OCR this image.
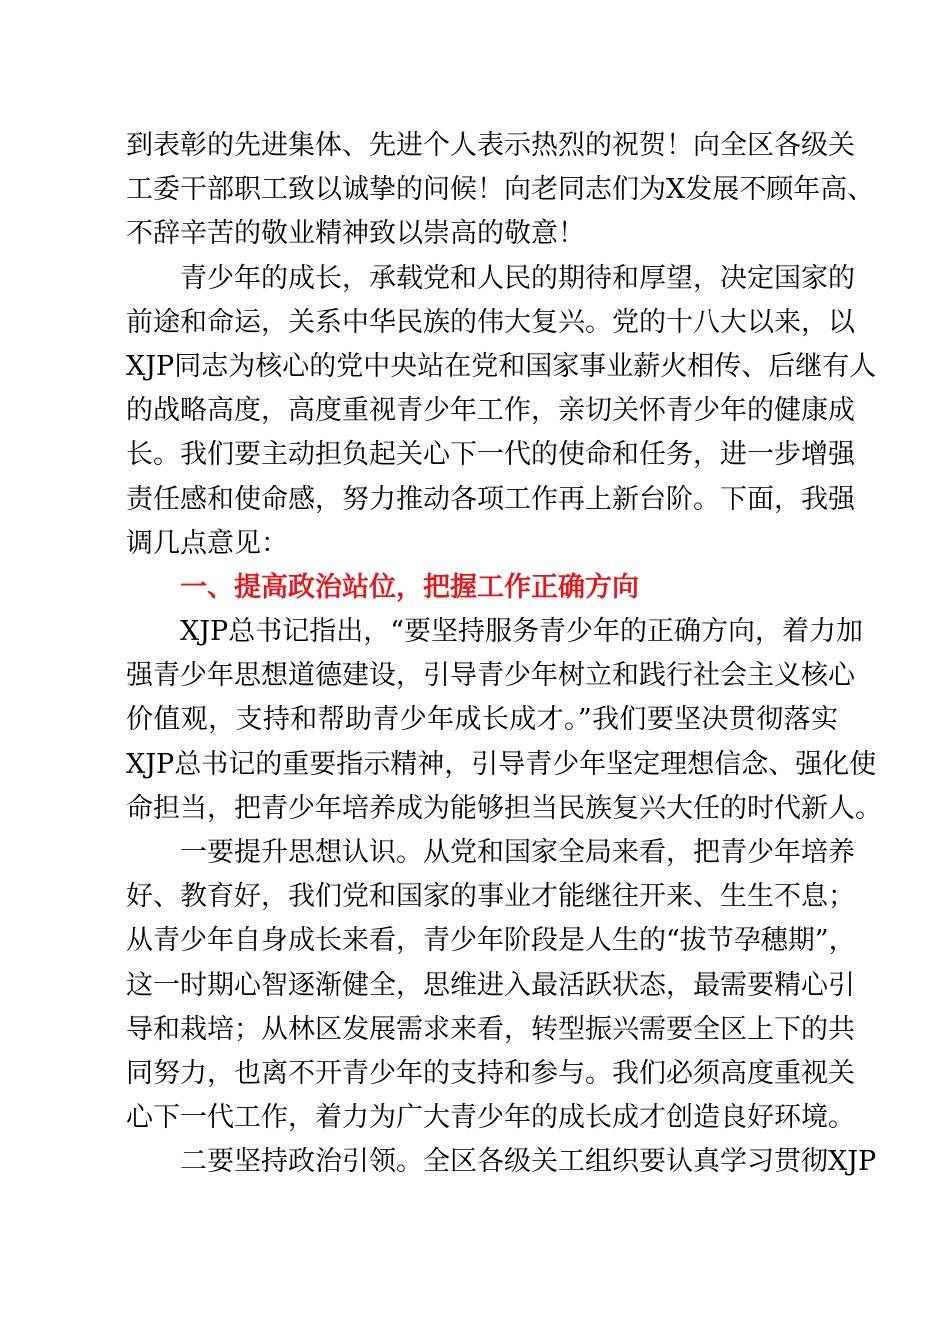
到表彰的先进集体、先进个人表示热烈的祝贺！向全区各级关
工委干部职工致以诚挚的问候！向老同志们为X发展不顾年高、
不辞辛苦的敬业精神致以崇高的敬意！
青少年的成长，承载党和人民的期待和厚望，决定国家的
前途和命运，关系中华民族的伟大复兴。党的十八大以来，以
XJP同志为核心的党中央站在党和国家事业薪火相传、后继有人
的战略高度，高度重视青少年工作，亲切关怀青少年的健康成
长。我们要主动担负起关心下一代的使命和任务，进一步增强
责任感和使命感，努力推动各项工作再上新台阶。下面，我强
调几点意见：
一、提高政治站位，把握工作正确方向
XJP总书记指出，“要坚持服务青少年的正确方向，着力加
强青少年思想道德建设，引导青少年树立和践行社会主义核心
价值观，支持和帮助青少年成长成才。”我们要坚决贯彻落实
XJP总书记的重要指示精神，引导青少年坚定理想信念、强化使
命担当，把青少年培养成为能够担当民族复兴大任的时代新人。
一要提升思想认识。从党和国家全局来看，把青少年培养
好、教育好，我们党和国家的事业才能继往开来、生生不息；
从青少年自身成长来看，青少年阶段是人生的“拔节孕穗期”，
这一时期心智逐渐健全，思维进入最活跃状态，最需要精心引
导和栽培；从林区发展需求来看，转型振兴需要全区上下的共
同努力，也离不开青少年的支持和参与。我们必须高度重视关
心下一代工作，着力为广大青少年的成长成才创造良好环境。
二要坚持政治引领。全区各级关工组织要认真学习贯彻XJP
